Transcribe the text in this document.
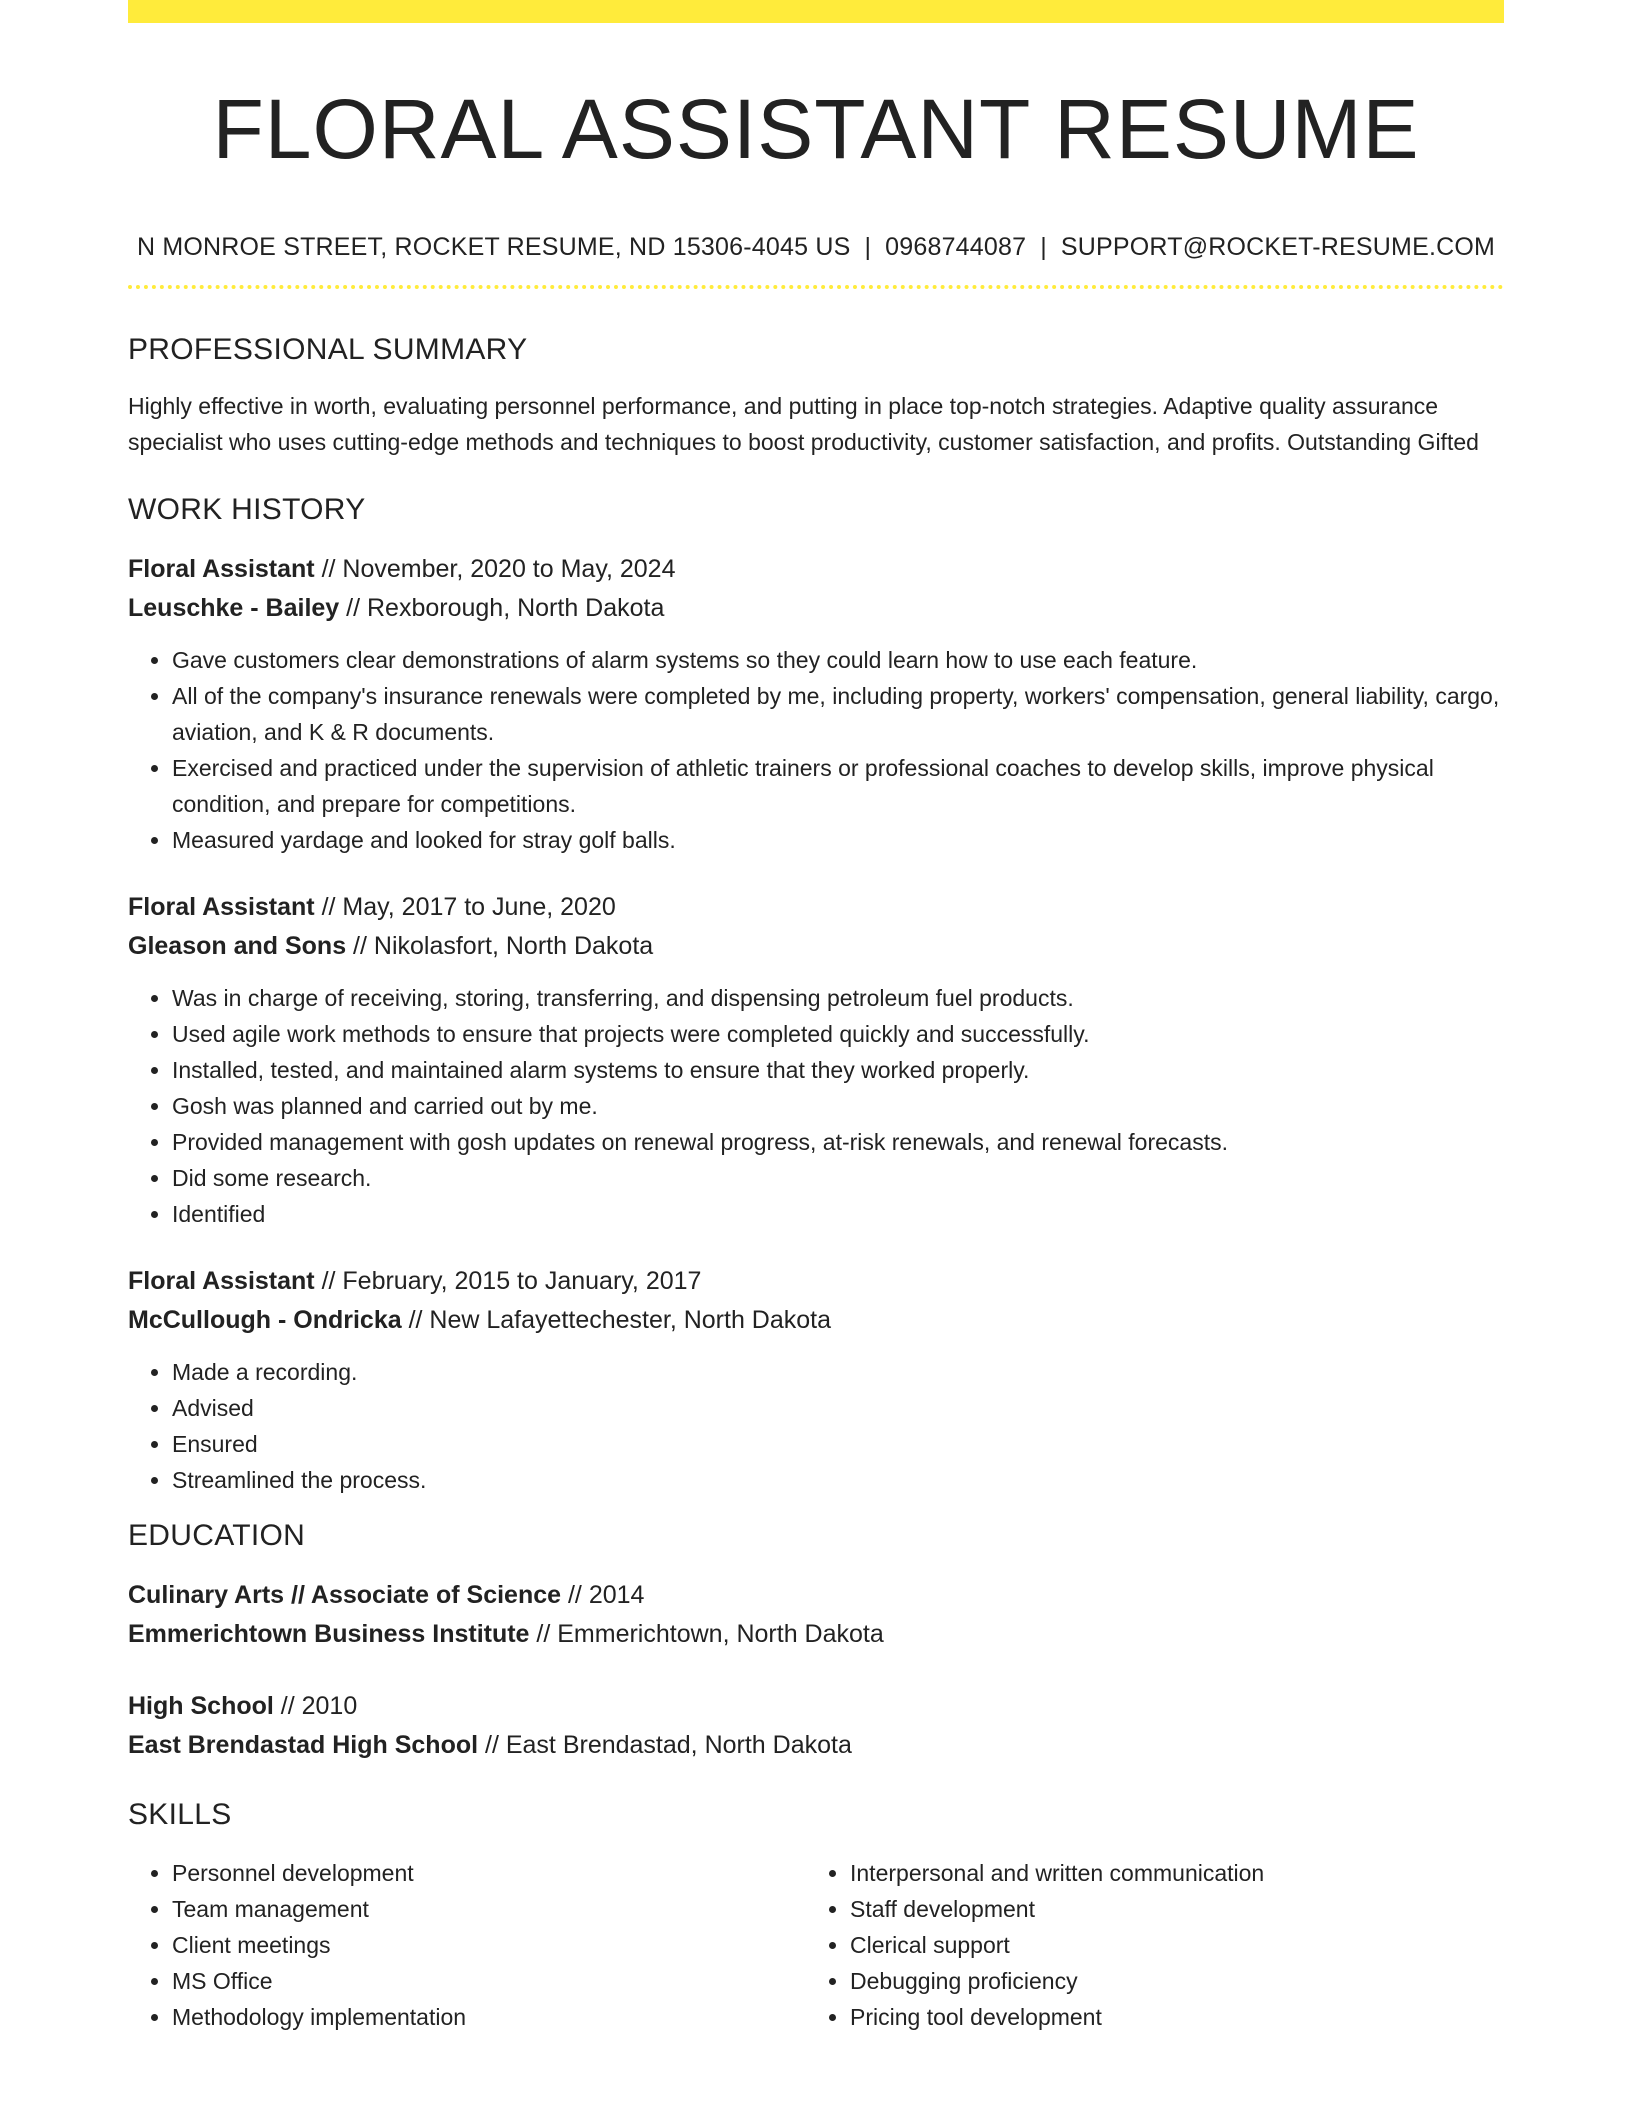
FLORAL ASSISTANT RESUME
N MONROE STREET, ROCKET RESUME, ND 15306-4045 US | 0968744087 | SUPPORT@ROCKET-RESUME.COM
PROFESSIONAL SUMMARY
Highly effective in worth, evaluating personnel performance, and putting in place top-notch strategies. Adaptive quality assurance specialist who uses cutting-edge methods and techniques to boost productivity, customer satisfaction, and profits. Outstanding Gifted
WORK HISTORY
Floral Assistant // November, 2020 to May, 2024
Leuschke - Bailey // Rexborough, North Dakota
• Gave customers clear demonstrations of alarm systems so they could learn how to use each feature.
• All of the company's insurance renewals were completed by me, including property, workers' compensation, general liability, cargo, aviation, and K & R documents.
• Exercised and practiced under the supervision of athletic trainers or professional coaches to develop skills, improve physical condition, and prepare for competitions.
• Measured yardage and looked for stray golf balls.
Floral Assistant // May, 2017 to June, 2020
Gleason and Sons // Nikolasfort, North Dakota
• Was in charge of receiving, storing, transferring, and dispensing petroleum fuel products.
• Used agile work methods to ensure that projects were completed quickly and successfully.
• Installed, tested, and maintained alarm systems to ensure that they worked properly.
• Gosh was planned and carried out by me.
• Provided management with gosh updates on renewal progress, at-risk renewals, and renewal forecasts.
• Did some research.
• Identified
Floral Assistant // February, 2015 to January, 2017
McCullough - Ondricka // New Lafayettechester, North Dakota
• Made a recording.
• Advised
• Ensured
• Streamlined the process.
EDUCATION
Culinary Arts // Associate of Science // 2014
Emmerichtown Business Institute // Emmerichtown, North Dakota
High School // 2010
East Brendastad High School // East Brendastad, North Dakota
SKILLS
• Personnel development
• Team management
• Client meetings
• MS Office
• Methodology implementation
• Interpersonal and written communication
• Staff development
• Clerical support
• Debugging proficiency
• Pricing tool development
